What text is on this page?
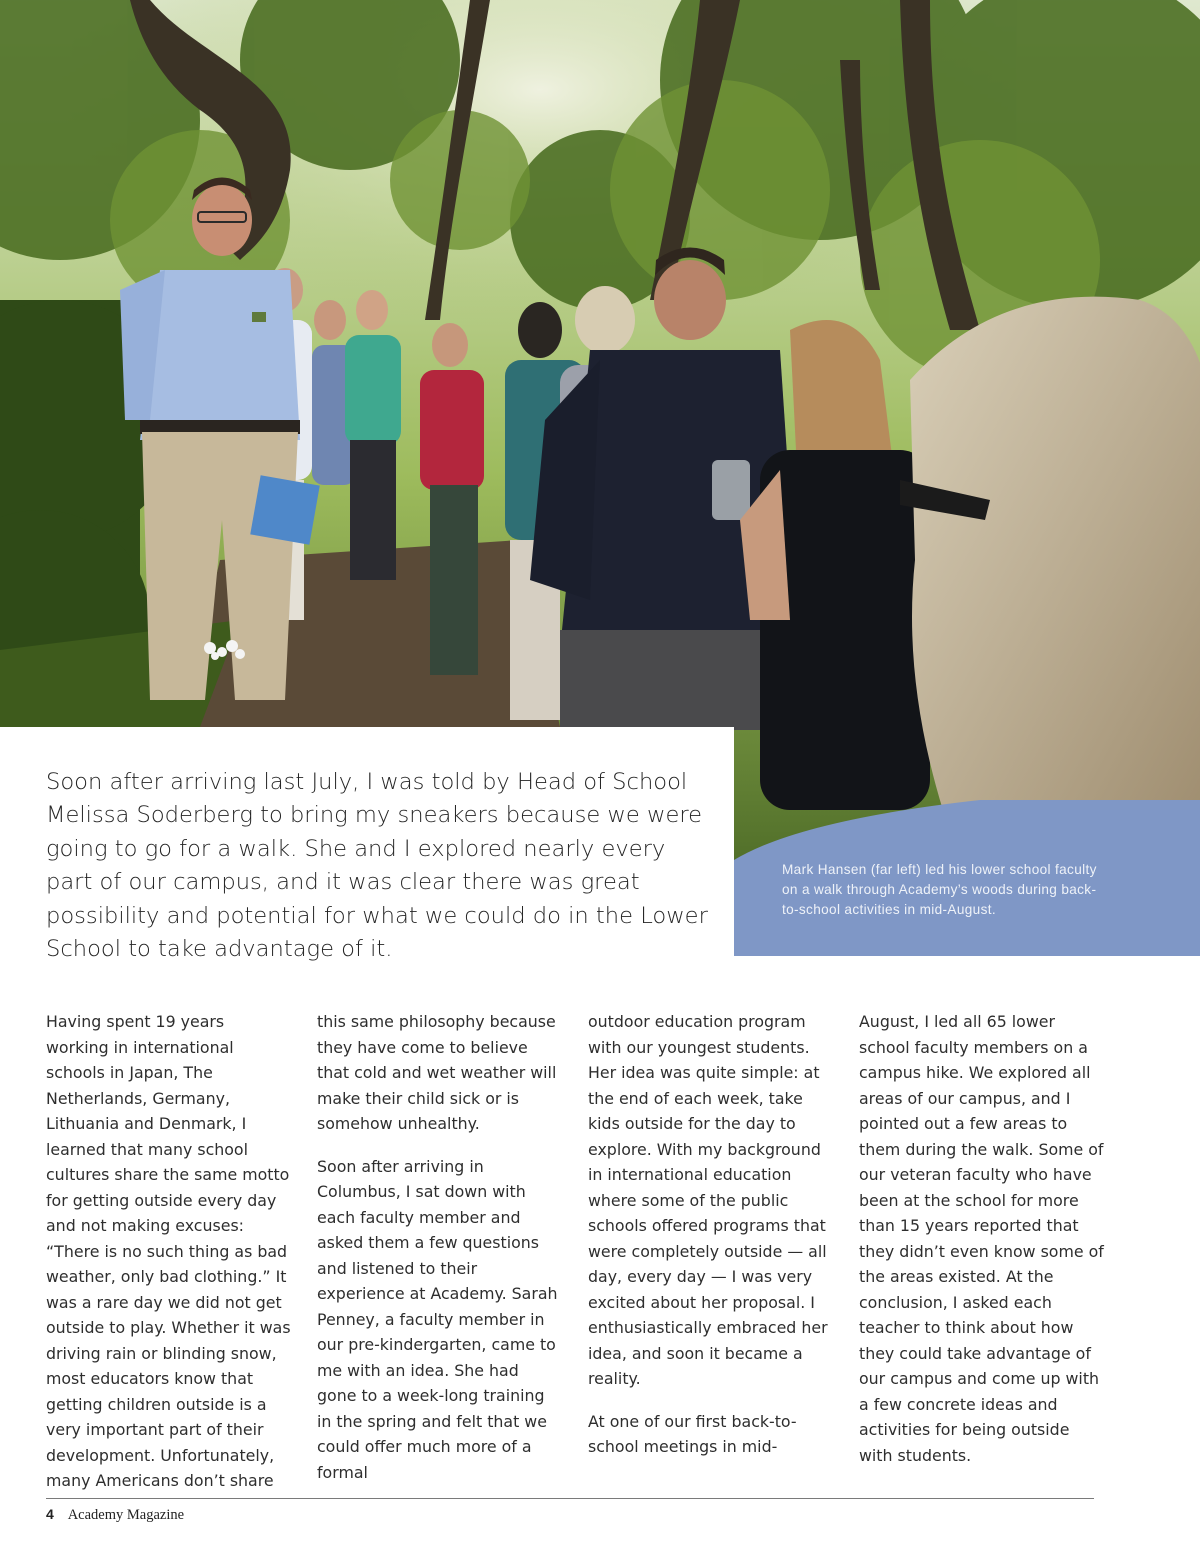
Soon after arriving last July, I was told by Head of School Melissa Soderberg to bring my sneakers because we were going to go for a walk. She and I explored nearly every part of our campus, and it was clear there was great possibility and potential for what we could do in the Lower School to take advantage of it.

Mark Hansen (far left) led his lower school faculty on a walk through Academy’s woods during back-to-school activities in mid-August.

Having spent 19 years working in international schools in Japan, The Netherlands, Germany, Lithuania and Denmark, I learned that many school cultures share the same motto for getting outside every day and not making excuses: “There is no such thing as bad weather, only bad clothing.” It was a rare day we did not get outside to play. Whether it was driving rain or blinding snow, most educators know that getting children outside is a very important part of their development. Unfortunately, many Americans don’t share

this same philosophy because they have come to believe that cold and wet weather will make their child sick or is somehow unhealthy.

Soon after arriving in Columbus, I sat down with each faculty member and asked them a few questions and listened to their experience at Academy. Sarah Penney, a faculty member in our pre-kindergarten, came to me with an idea. She had gone to a week-long training in the spring and felt that we could offer much more of a formal

outdoor education program with our youngest students. Her idea was quite simple: at the end of each week, take kids outside for the day to explore. With my background in international education where some of the public schools offered programs that were completely outside — all day, every day — I was very excited about her proposal. I enthusiastically embraced her idea, and soon it became a reality.

At one of our first back-to-school meetings in mid-

August, I led all 65 lower school faculty members on a campus hike. We explored all areas of our campus, and I pointed out a few areas to them during the walk. Some of our veteran faculty who have been at the school for more than 15 years reported that they didn’t even know some of the areas existed. At the conclusion, I asked each teacher to think about how they could take advantage of our campus and come up with a few concrete ideas and activities for being outside with students.

4 Academy Magazine
